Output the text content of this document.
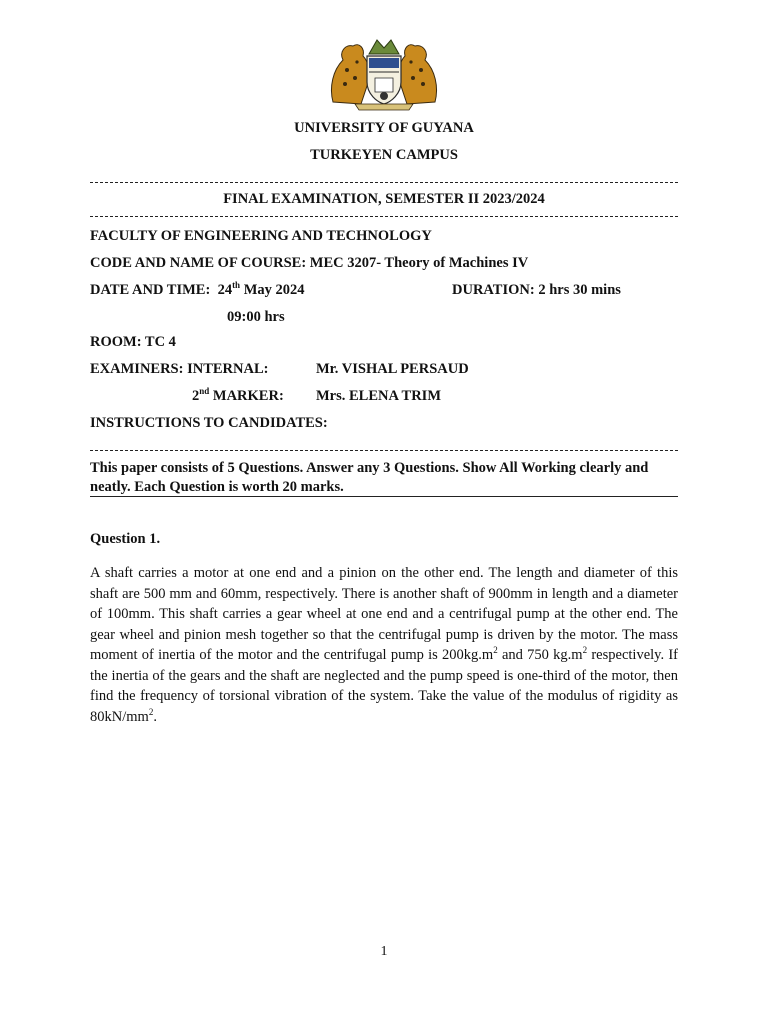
UNIVERSITY OF GUYANA
TURKEYEN CAMPUS
FINAL EXAMINATION, SEMESTER II 2023/2024
FACULTY OF ENGINEERING AND TECHNOLOGY
CODE AND NAME OF COURSE: MEC 3207- Theory of Machines IV
DATE AND TIME: 24th May 2024	DURATION: 2 hrs 30 mins
09:00 hrs
ROOM: TC 4
EXAMINERS: INTERNAL:	Mr. VISHAL PERSAUD
2nd MARKER: Mrs. ELENA TRIM
INSTRUCTIONS TO CANDIDATES:
This paper consists of 5 Questions. Answer any 3 Questions. Show All Working clearly and neatly. Each Question is worth 20 marks.
Question 1.
A shaft carries a motor at one end and a pinion on the other end. The length and diameter of this shaft are 500 mm and 60mm, respectively. There is another shaft of 900mm in length and a diameter of 100mm. This shaft carries a gear wheel at one end and a centrifugal pump at the other end. The gear wheel and pinion mesh together so that the centrifugal pump is driven by the motor. The mass moment of inertia of the motor and the centrifugal pump is $200kg.m^2$ and 750 $kg.m^2$ respectively. If the inertia of the gears and the shaft are neglected and the pump speed is one-third of the motor, then find the frequency of torsional vibration of the system. Take the value of the modulus of rigidity as $80kN/mm^2$.
1
